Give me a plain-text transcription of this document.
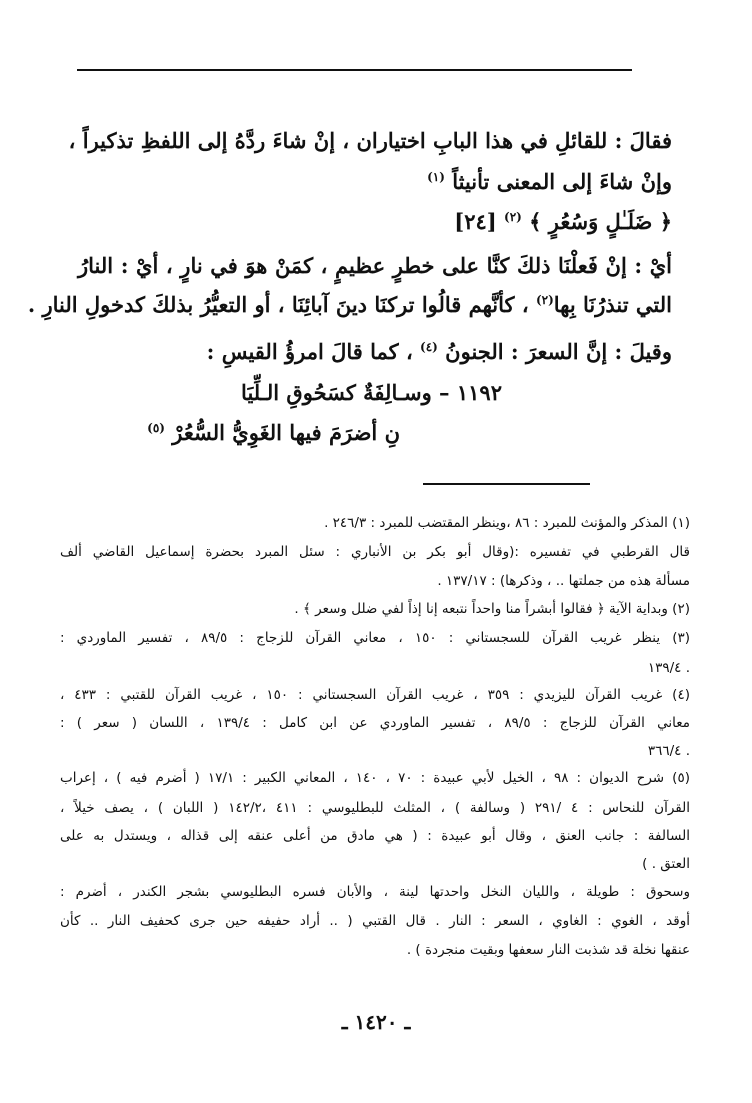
فقالَ : للقائلِ في هذا البابِ اختياران ، إنْ شاءَ ردَّهُ إلى اللفظِ تذكيراً ،
وإنْ شاءَ إلى المعنى تأنيثاً $^{(١)}$
﴿ ضَلَـٰلٍ وَسُعُرٍ ﴾ $^{(٢)}$ [٢٤]
أيْ : إنْ فَعلْنَا ذلكَ كنَّا على خطرٍ عظيمٍ ، كمَنْ هوَ في نارٍ ، أيْ : النارُ
التي تنذرُنَا بِها$^{(٢)}$ ، كأنَّهم قالُوا تركنَا دينَ آبائِنَا ، أو التعيُّرُ بذلكَ كدخولِ النارِ .
وقيلَ : إنَّ السعرَ : الجنونُ $^{(٤)}$ ، كما قالَ امرؤُ القيسِ :
١١٩٢ – وسـالِفَةٌ كسَحُوقِ الـلِّيَا
نِ أضرَمَ فيها الغَوِيُّ السُّعُرْ $^{(٥)}$
(١) المذكر والمؤنث للمبرد : ٨٦ ،وينظر المقتضب للمبرد : ٢٤٦/٣ .
قال القرطبي في تفسيره :(وقال أبو بكر بن الأنباري : سئل المبرد بحضرة إسماعيل القاضي ألف
مسألة هذه من جملتها .. ، وذكرها) : ١٣٧/١٧ .
(٢) وبداية الآية ﴿ فقالوا أبشراً منا واحداً نتبعه إنا إذاً لفي ضلل وسعر ﴾ .
(٣) ينظر غريب القرآن للسجستاني : ١٥٠ ، معاني القرآن للزجاج : ٨٩/٥ ، تفسير الماوردي :
١٣٩/٤ .
(٤) غريب القرآن لليزيدي : ٣٥٩ ، غريب القرآن السجستاني : ١٥٠ ، غريب القرآن للقتبي : ٤٣٣ ،
معاني القرآن للزجاج : ٨٩/٥ ، تفسير الماوردي عن ابن كامل : ١٣٩/٤ ، اللسان ( سعر ) :
٣٦٦/٤ .
(٥) شرح الديوان : ٩٨ ، الخيل لأبي عبيدة : ٧٠ ، ١٤٠ ، المعاني الكبير : ١٧/١ ( أضرم فيه ) ، إعراب
القرآن للنحاس : ٤ /٢٩١ ( وسالفة ) ، المثلث للبطليوسي : ٤١١ ،١٤٢/٢ ( اللبان ) ، يصف خيلاً ،
السالفة : جانب العنق ، وقال أبو عبيدة : ( هي مادق من أعلى عنقه إلى قذاله ، ويستدل به على
العتق . )
وسحوق : طويلة ، والليان النخل واحدتها لينة ، والأبان فسره البطليوسي بشجر الكندر ، أضرم :
أوقد ، الغوي : الغاوي ، السعر : النار . قال القتبي ( .. أراد حفيفه حين جرى كحفيف النار .. كأن
عنقها نخلة قد شذبت النار سعفها وبقيت منجردة ) .
ـ ١٤٢٠ ـ
